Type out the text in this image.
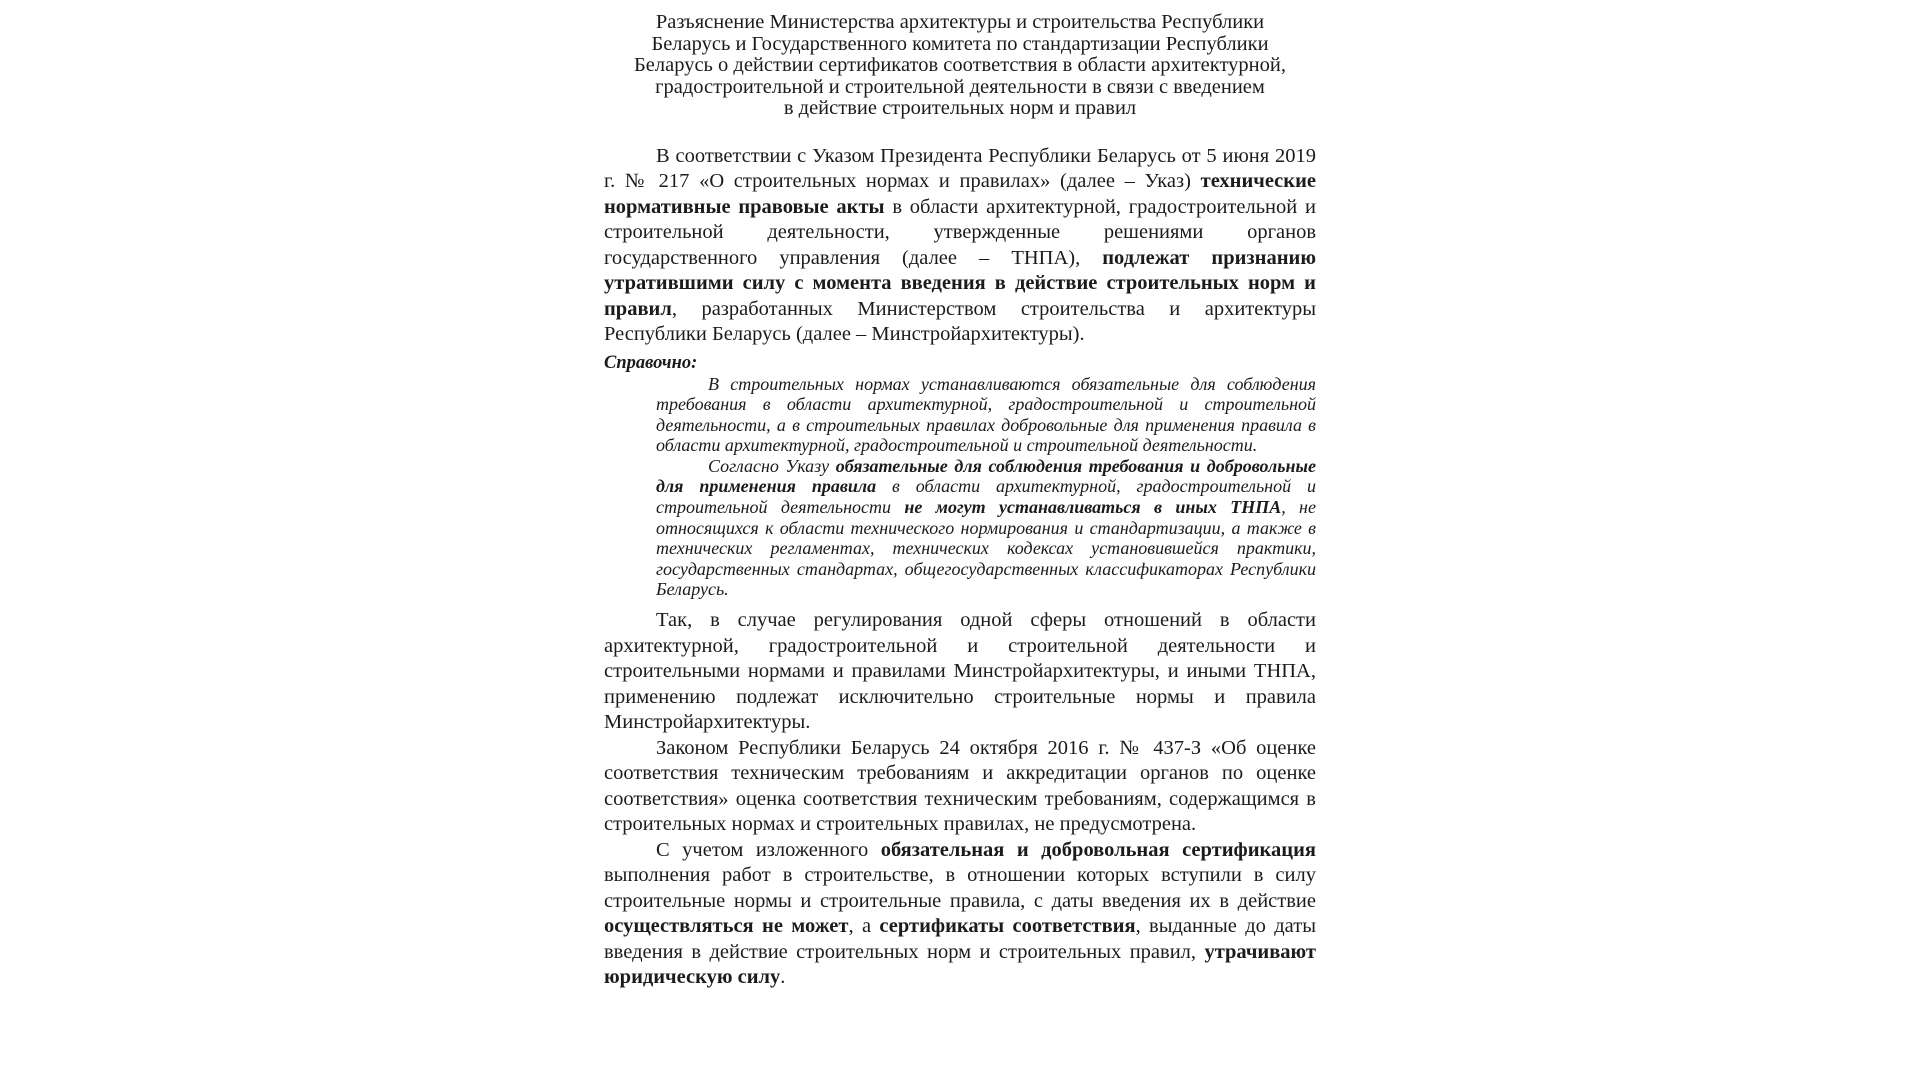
Разъяснение Министерства архитектуры и строительства Республики
Беларусь и Государственного комитета по стандартизации Республики
Беларусь о действии сертификатов соответствия в области архитектурной,
градостроительной и строительной деятельности в связи с введением
в действие строительных норм и правил

В соответствии с Указом Президента Республики Беларусь от 5 июня 2019 г. № 217 «О строительных нормах и правилах» (далее – Указ) технические нормативные правовые акты в области архитектурной, градостроительной и строительной деятельности, утвержденные решениями органов государственного управления (далее – ТНПА), подлежат признанию утратившими силу с момента введения в действие строительных норм и правил, разработанных Министерством строительства и архитектуры Республики Беларусь (далее – Минстройархитектуры).

Справочно:

В строительных нормах устанавливаются обязательные для соблюдения требования в области архитектурной, градостроительной и строительной деятельности, а в строительных правилах добровольные для применения правила в области архитектурной, градостроительной и строительной деятельности.

Согласно Указу обязательные для соблюдения требования и добровольные для применения правила в области архитектурной, градостроительной и строительной деятельности не могут устанавливаться в иных ТНПА, не относящихся к области технического нормирования и стандартизации, а также в технических регламентах, технических кодексах установившейся практики, государственных стандартах, общегосударственных классификаторах Республики Беларусь.

Так, в случае регулирования одной сферы отношений в области архитектурной, градостроительной и строительной деятельности и строительными нормами и правилами Минстройархитектуры, и иными ТНПА, применению подлежат исключительно строительные нормы и правила Минстройархитектуры.

Законом Республики Беларусь 24 октября 2016 г. № 437-З «Об оценке соответствия техническим требованиям и аккредитации органов по оценке соответствия» оценка соответствия техническим требованиям, содержащимся в строительных нормах и строительных правилах, не предусмотрена.

С учетом изложенного обязательная и добровольная сертификация выполнения работ в строительстве, в отношении которых вступили в силу строительные нормы и строительные правила, с даты введения их в действие осуществляться не может, а сертификаты соответствия, выданные до даты введения в действие строительных норм и строительных правил, утрачивают юридическую силу.
